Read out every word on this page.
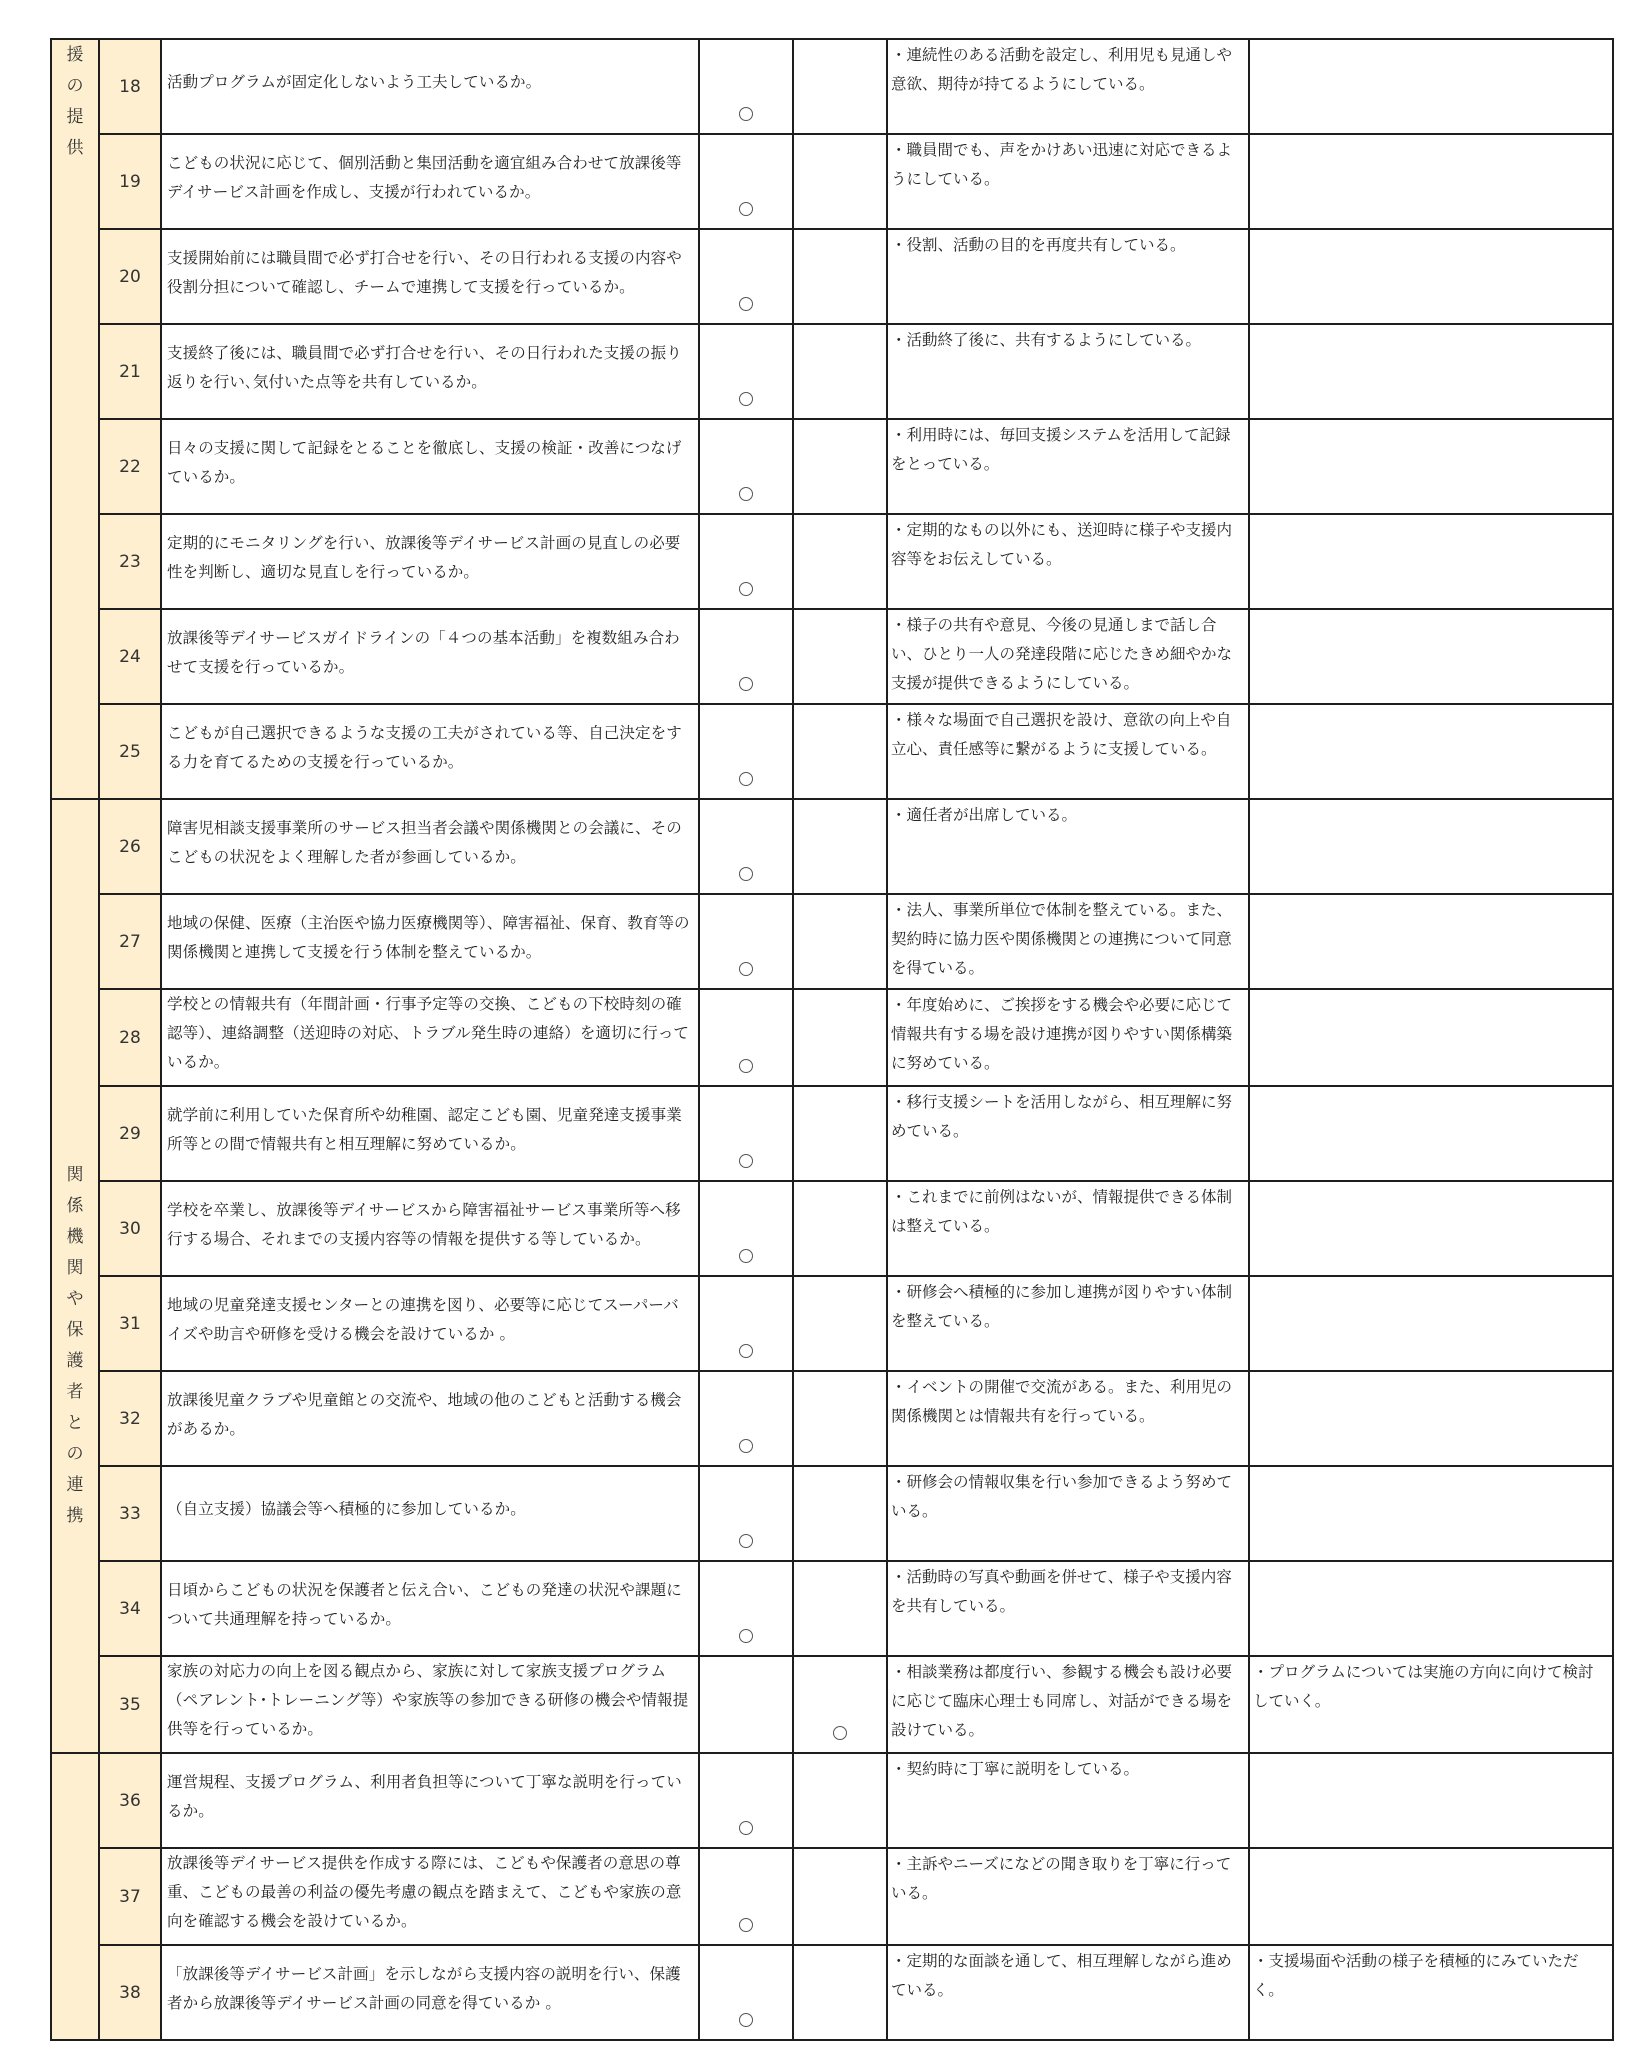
援の提供	18	活動プログラムが固定化しないよう工夫しているか。			・連続性のある活動を設定し、利用児も見通しや意欲、期待が持てるようにしている。	
	19	こどもの状況に応じて、個別活動と集団活動を適宜組み合わせて放課後等デイサービス計画を作成し、支援が行われているか。			・職員間でも、声をかけあい迅速に対応できるようにしている。	
	20	支援開始前には職員間で必ず打合せを行い、その日行われる支援の内容や役割分担について確認し、チームで連携して支援を行っているか。			・役割、活動の目的を再度共有している。	
	21	支援終了後には、職員間で必ず打合せを行い、その日行われた支援の振り返りを行い､気付いた点等を共有しているか。			・活動終了後に、共有するようにしている。	
	22	日々の支援に関して記録をとることを徹底し、支援の検証・改善につなげているか。			・利用時には、毎回支援システムを活用して記録をとっている。	
	23	定期的にモニタリングを行い、放課後等デイサービス計画の見直しの必要性を判断し、適切な見直しを行っているか。			・定期的なもの以外にも、送迎時に様子や支援内容等をお伝えしている。	
	24	放課後等デイサービスガイドラインの「４つの基本活動」を複数組み合わせて支援を行っているか。			・様子の共有や意見、今後の見通しまで話し合い、ひとり一人の発達段階に応じたきめ細やかな支援が提供できるようにしている。	
	25	こどもが自己選択できるような支援の工夫がされている等、自己決定をする力を育てるための支援を行っているか。			・様々な場面で自己選択を設け、意欲の向上や自立心、責任感等に繋がるように支援している。	

関係機関や保護者との連携	26	障害児相談支援事業所のサービス担当者会議や関係機関との会議に、そのこどもの状況をよく理解した者が参画しているか。			・適任者が出席している。	
	27	地域の保健、医療（主治医や協力医療機関等）、障害福祉、保育、教育等の関係機関と連携して支援を行う体制を整えているか。			・法人、事業所単位で体制を整えている。また、契約時に協力医や関係機関との連携について同意を得ている。	
	28	学校との情報共有（年間計画・行事予定等の交換、こどもの下校時刻の確認等）、連絡調整（送迎時の対応、トラブル発生時の連絡）を適切に行っているか。			・年度始めに、ご挨拶をする機会や必要に応じて情報共有する場を設け連携が図りやすい関係構築に努めている。	
	29	就学前に利用していた保育所や幼稚園、認定こども園、児童発達支援事業所等との間で情報共有と相互理解に努めているか。			・移行支援シートを活用しながら、相互理解に努めている。	
	30	学校を卒業し、放課後等デイサービスから障害福祉サービス事業所等へ移行する場合、それまでの支援内容等の情報を提供する等しているか。			・これまでに前例はないが、情報提供できる体制は整えている。	
	31	地域の児童発達支援センターとの連携を図り、必要等に応じてスーパーバイズや助言や研修を受ける機会を設けているか 。			・研修会へ積極的に参加し連携が図りやすい体制を整えている。	
	32	放課後児童クラブや児童館との交流や、地域の他のこどもと活動する機会があるか。			・イベントの開催で交流がある。また、利用児の関係機関とは情報共有を行っている。	
	33	（自立支援）協議会等へ積極的に参加しているか。			・研修会の情報収集を行い参加できるよう努めている。	
	34	日頃からこどもの状況を保護者と伝え合い、こどもの発達の状況や課題について共通理解を持っているか。			・活動時の写真や動画を併せて、様子や支援内容を共有している。	
	35	家族の対応力の向上を図る観点から、家族に対して家族支援プログラム（ペアレント･トレーニング等）や家族等の参加できる研修の機会や情報提供等を行っているか。			・相談業務は都度行い、参観する機会も設け必要に応じて臨床心理士も同席し、対話ができる場を設けている。	・プログラムについては実施の方向に向けて検討していく。

	36	運営規程、支援プログラム、利用者負担等について丁寧な説明を行っているか。			・契約時に丁寧に説明をしている。	
	37	放課後等デイサービス提供を作成する際には、こどもや保護者の意思の尊重、こどもの最善の利益の優先考慮の観点を踏まえて、こどもや家族の意向を確認する機会を設けているか。			・主訴やニーズになどの聞き取りを丁寧に行っている。	
	38	「放課後等デイサービス計画」を示しながら支援内容の説明を行い、保護者から放課後等デイサービス計画の同意を得ているか 。			・定期的な面談を通して、相互理解しながら進めている。	・支援場面や活動の様子を積極的にみていただく。
